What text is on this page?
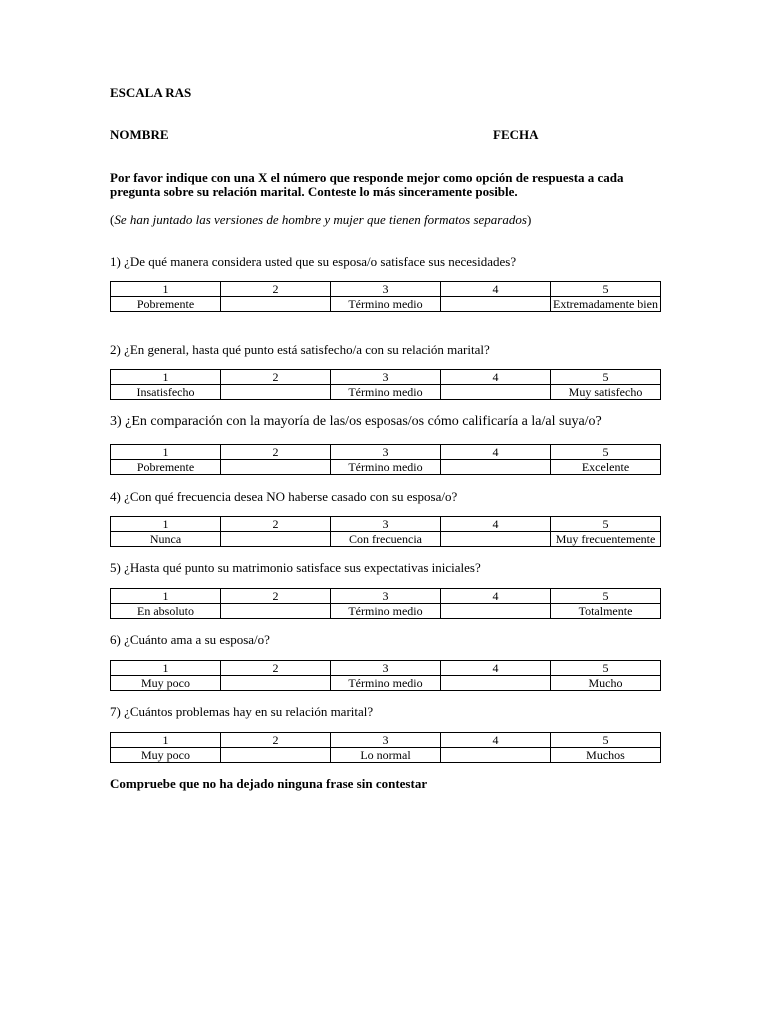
ESCALA RAS
NOMBRE	FECHA
Por favor indique con una X el número que responde mejor como opción de respuesta a cada
pregunta sobre su relación marital. Conteste lo más sinceramente posible.
(Se han juntado las versiones de hombre y mujer que tienen formatos separados)
1) ¿De qué manera considera usted que su esposa/o satisface sus necesidades?
1	2	3	4	5
Pobremente		Término medio		Extremadamente bien
2) ¿En general, hasta qué punto está satisfecho/a con su relación marital?
1	2	3	4	5
Insatisfecho		Término medio		Muy satisfecho
3) ¿En comparación con la mayoría de las/os esposas/os cómo calificaría a la/al suya/o?
1	2	3	4	5
Pobremente		Término medio		Excelente
4) ¿Con qué frecuencia desea NO haberse casado con su esposa/o?
1	2	3	4	5
Nunca		Con frecuencia		Muy frecuentemente
5) ¿Hasta qué punto su matrimonio satisface sus expectativas iniciales?
1	2	3	4	5
En absoluto		Término medio		Totalmente
6) ¿Cuánto ama a su esposa/o?
1	2	3	4	5
Muy poco		Término medio		Mucho
7) ¿Cuántos problemas hay en su relación marital?
1	2	3	4	5
Muy poco		Lo normal		Muchos
Compruebe que no ha dejado ninguna frase sin contestar
